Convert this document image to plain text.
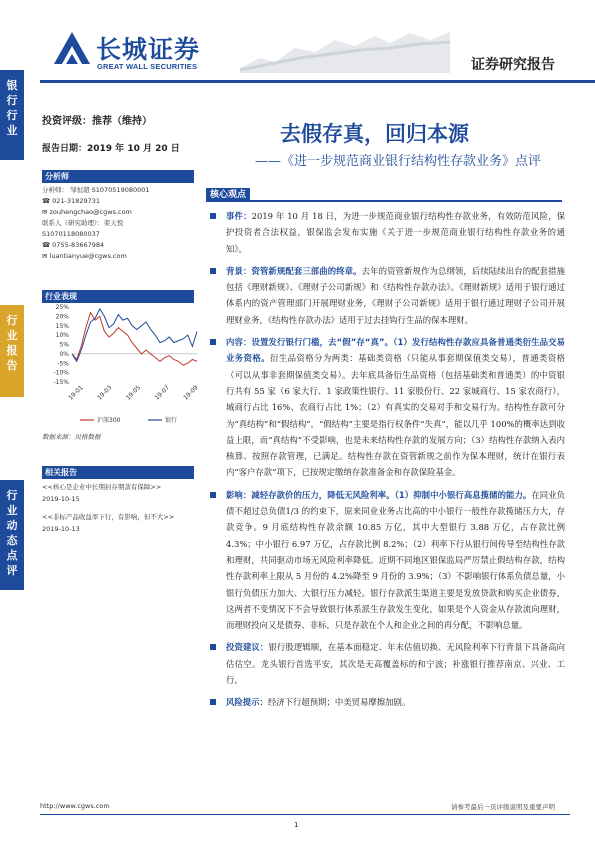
长城证券
GREAT WALL SECURITIES	证券研究报告
银
行
行
业
行
业
报
告
行
业
动
态
点
评
投资评级：推荐（维持）
报告日期：2019 年 10 月 20 日
分析师
分析师： 邹恒超 S1070519080001
☎ 021-31829731
✉ zouhengchao@cgws.com
联系人（研究助理）：栾天悦
S1070118080037
☎ 0755-83667984
✉ luantianyue@cgws.com
行业表现
25%
20%
15%
10%
5%
0%
-5%
-10%
-15%
19-01 19-03 19-05 19-07 19-09
沪深300	银行
数据来源：贝格数据
相关报告
<<核心是企业中长期封存期款有保障>>
2019-10-15
<<非标产品收益率下行，有影响，但不大>>
2019-10-13
去假存真，回归本源
——《进一步规范商业银行结构性存款业务》点评
核心观点
事件：2019 年 10 月 18 日，为进一步规范商业银行结构性存款业务，有效防范风险，保护投资者合法权益，银保监会发布实施《关于进一步规范商业银行结构性存款业务的通知》。
背景：资管新规配套三部曲的终章。去年的资管新规作为总纲领，后续陆续出台的配套措施包括《理财新规》、《理财子公司新规》和《结构性存款办法》。《理财新规》适用于银行通过体系内的资产管理部门开展理财业务，《理财子公司新规》适用于银行通过理财子公司开展理财业务，《结构性存款办法》适用于过去挂钩行生品的保本理财。
内容：设置发行银行门槛，去“假”存“真”。（1）发行结构性存款应具备普通类衍生品交易业务资格。衍生品资格分为两类：基础类资格（只能从事套期保值类交易），普通类资格（可以从事非套期保值类交易）。去年底具备衍生品资格（包括基础类和普通类）的中资银行共有 55 家（6 家大行、1 家政策性银行、11 家股份行、22 家城商行、15 家农商行），城商行占比 16%、农商行占比 1%；（2）有真实的交易对手和交易行为。结构性存款可分为“真结构”和“假结构”，“假结构”主要是指行权条件“失真”，能以几乎 100%的概率达到收益上限，而“真结构”不受影响，也是未来结构性存款的发展方向；（3）结构性存款纳入表内核算、按照存款管理，已满足。结构性存款在资管新规之前作为保本理财，统计在银行表内“客户存款”项下，已按规定缴纳存款准备金和存款保险基金。
影响：减轻存款价的压力，降低无风险利率。（1）抑制中小银行高息揽储的能力。在同业负债不超过总负债1/3 的约束下，原来同业业务占比高的中小银行一般性存款揽储压力大，存款竞争。9 月底结构性存款余额 10.85 万亿，其中大型银行 3.88 万亿，占存款比例 4.3%；中小银行 6.97 万亿，占存款比例 8.2%；（2）利率下行从银行间传导至结构性存款和理财，共同驱动市场无风险利率降低。近期不同地区银保监局严厉禁止假结构存款，结构性存款利率上限从 5 月份的 4.2%降至 9 月份的 3.9%；（3）不影响银行体系负债总量，小银行负债压力加大、大银行压力减轻。银行存款派生渠道主要是发放贷款和购买企业债券，这两者不变情况下不会导致银行体系派生存款发生变化，如果是个人资金从存款流向理财，而理财投向又是债券、非标，只是存款在个人和企业之间的再分配，不影响总量。
投资建议：银行股逻辑顺，在基本面稳定、年末估值切换、无风险利率下行背景下具备高向估估空。龙头银行首选平安，其次是无高覆盖标的和宁波；补涨银行推荐南京、兴业、工行。
风险提示：经济下行超预期；中美贸易摩擦加剧。
http://www.cgws.com	请参考最后一页评级说明及重要声明
1
